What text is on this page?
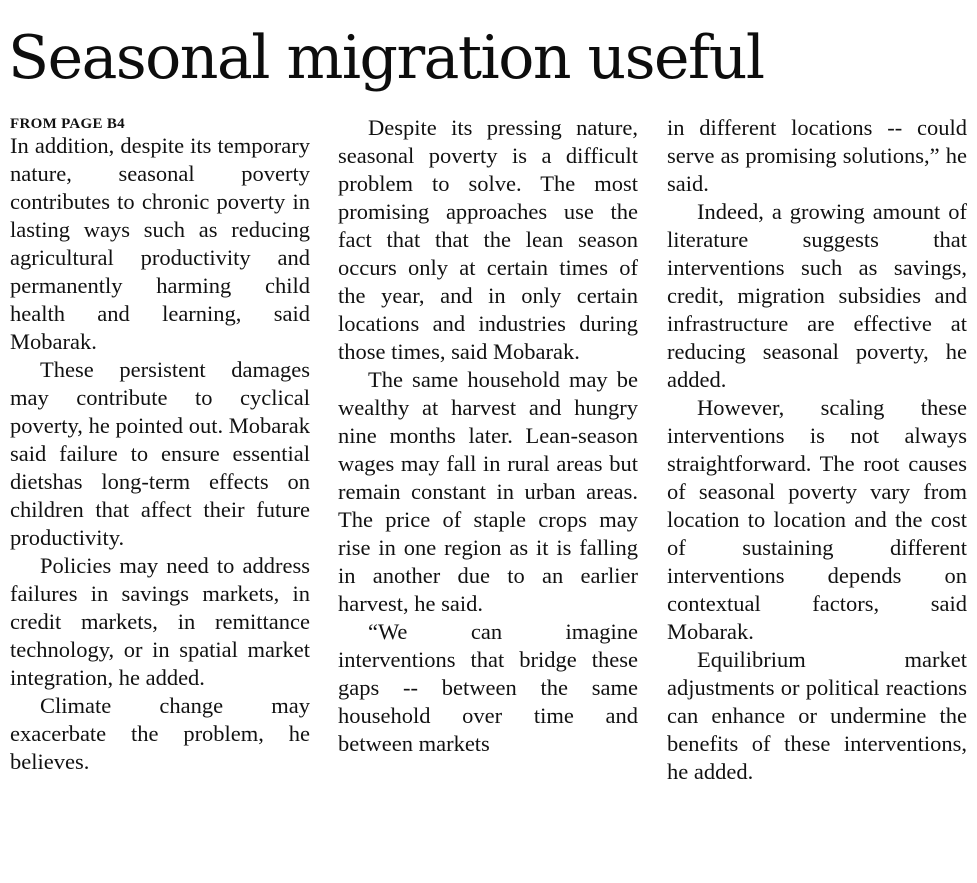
Seasonal migration useful
FROM PAGE B4

In addition, despite its temporary nature, seasonal poverty contributes to chronic poverty in lasting ways such as reducing agricultural productivity and permanently harming child health and learning, said Mobarak.

These persistent damages may contribute to cyclical poverty, he pointed out. Mobarak said failure to ensure essential dietshas long-term effects on children that affect their future productivity.

Policies may need to address failures in savings markets, in credit markets, in remittance technology, or in spatial market integration, he added.

Climate change may exacerbate the problem, he believes.

Despite its pressing nature, seasonal poverty is a difficult problem to solve. The most promising approaches use the fact that that the lean season occurs only at certain times of the year, and in only certain locations and industries during those times, said Mobarak.

The same household may be wealthy at harvest and hungry nine months later. Lean-season wages may fall in rural areas but remain constant in urban areas. The price of staple crops may rise in one region as it is falling in another due to an earlier harvest, he said.

“We can imagine interventions that bridge these gaps -- between the same household over time and between markets

in different locations -- could serve as promising solutions,” he said.

Indeed, a growing amount of literature suggests that interventions such as savings, credit, migration subsidies and infrastructure are effective at reducing seasonal poverty, he added.

However, scaling these interventions is not always straightforward. The root causes of seasonal poverty vary from location to location and the cost of sustaining different interventions depends on contextual factors, said Mobarak.

Equilibrium market adjustments or political reactions can enhance or undermine the benefits of these interventions, he added.
